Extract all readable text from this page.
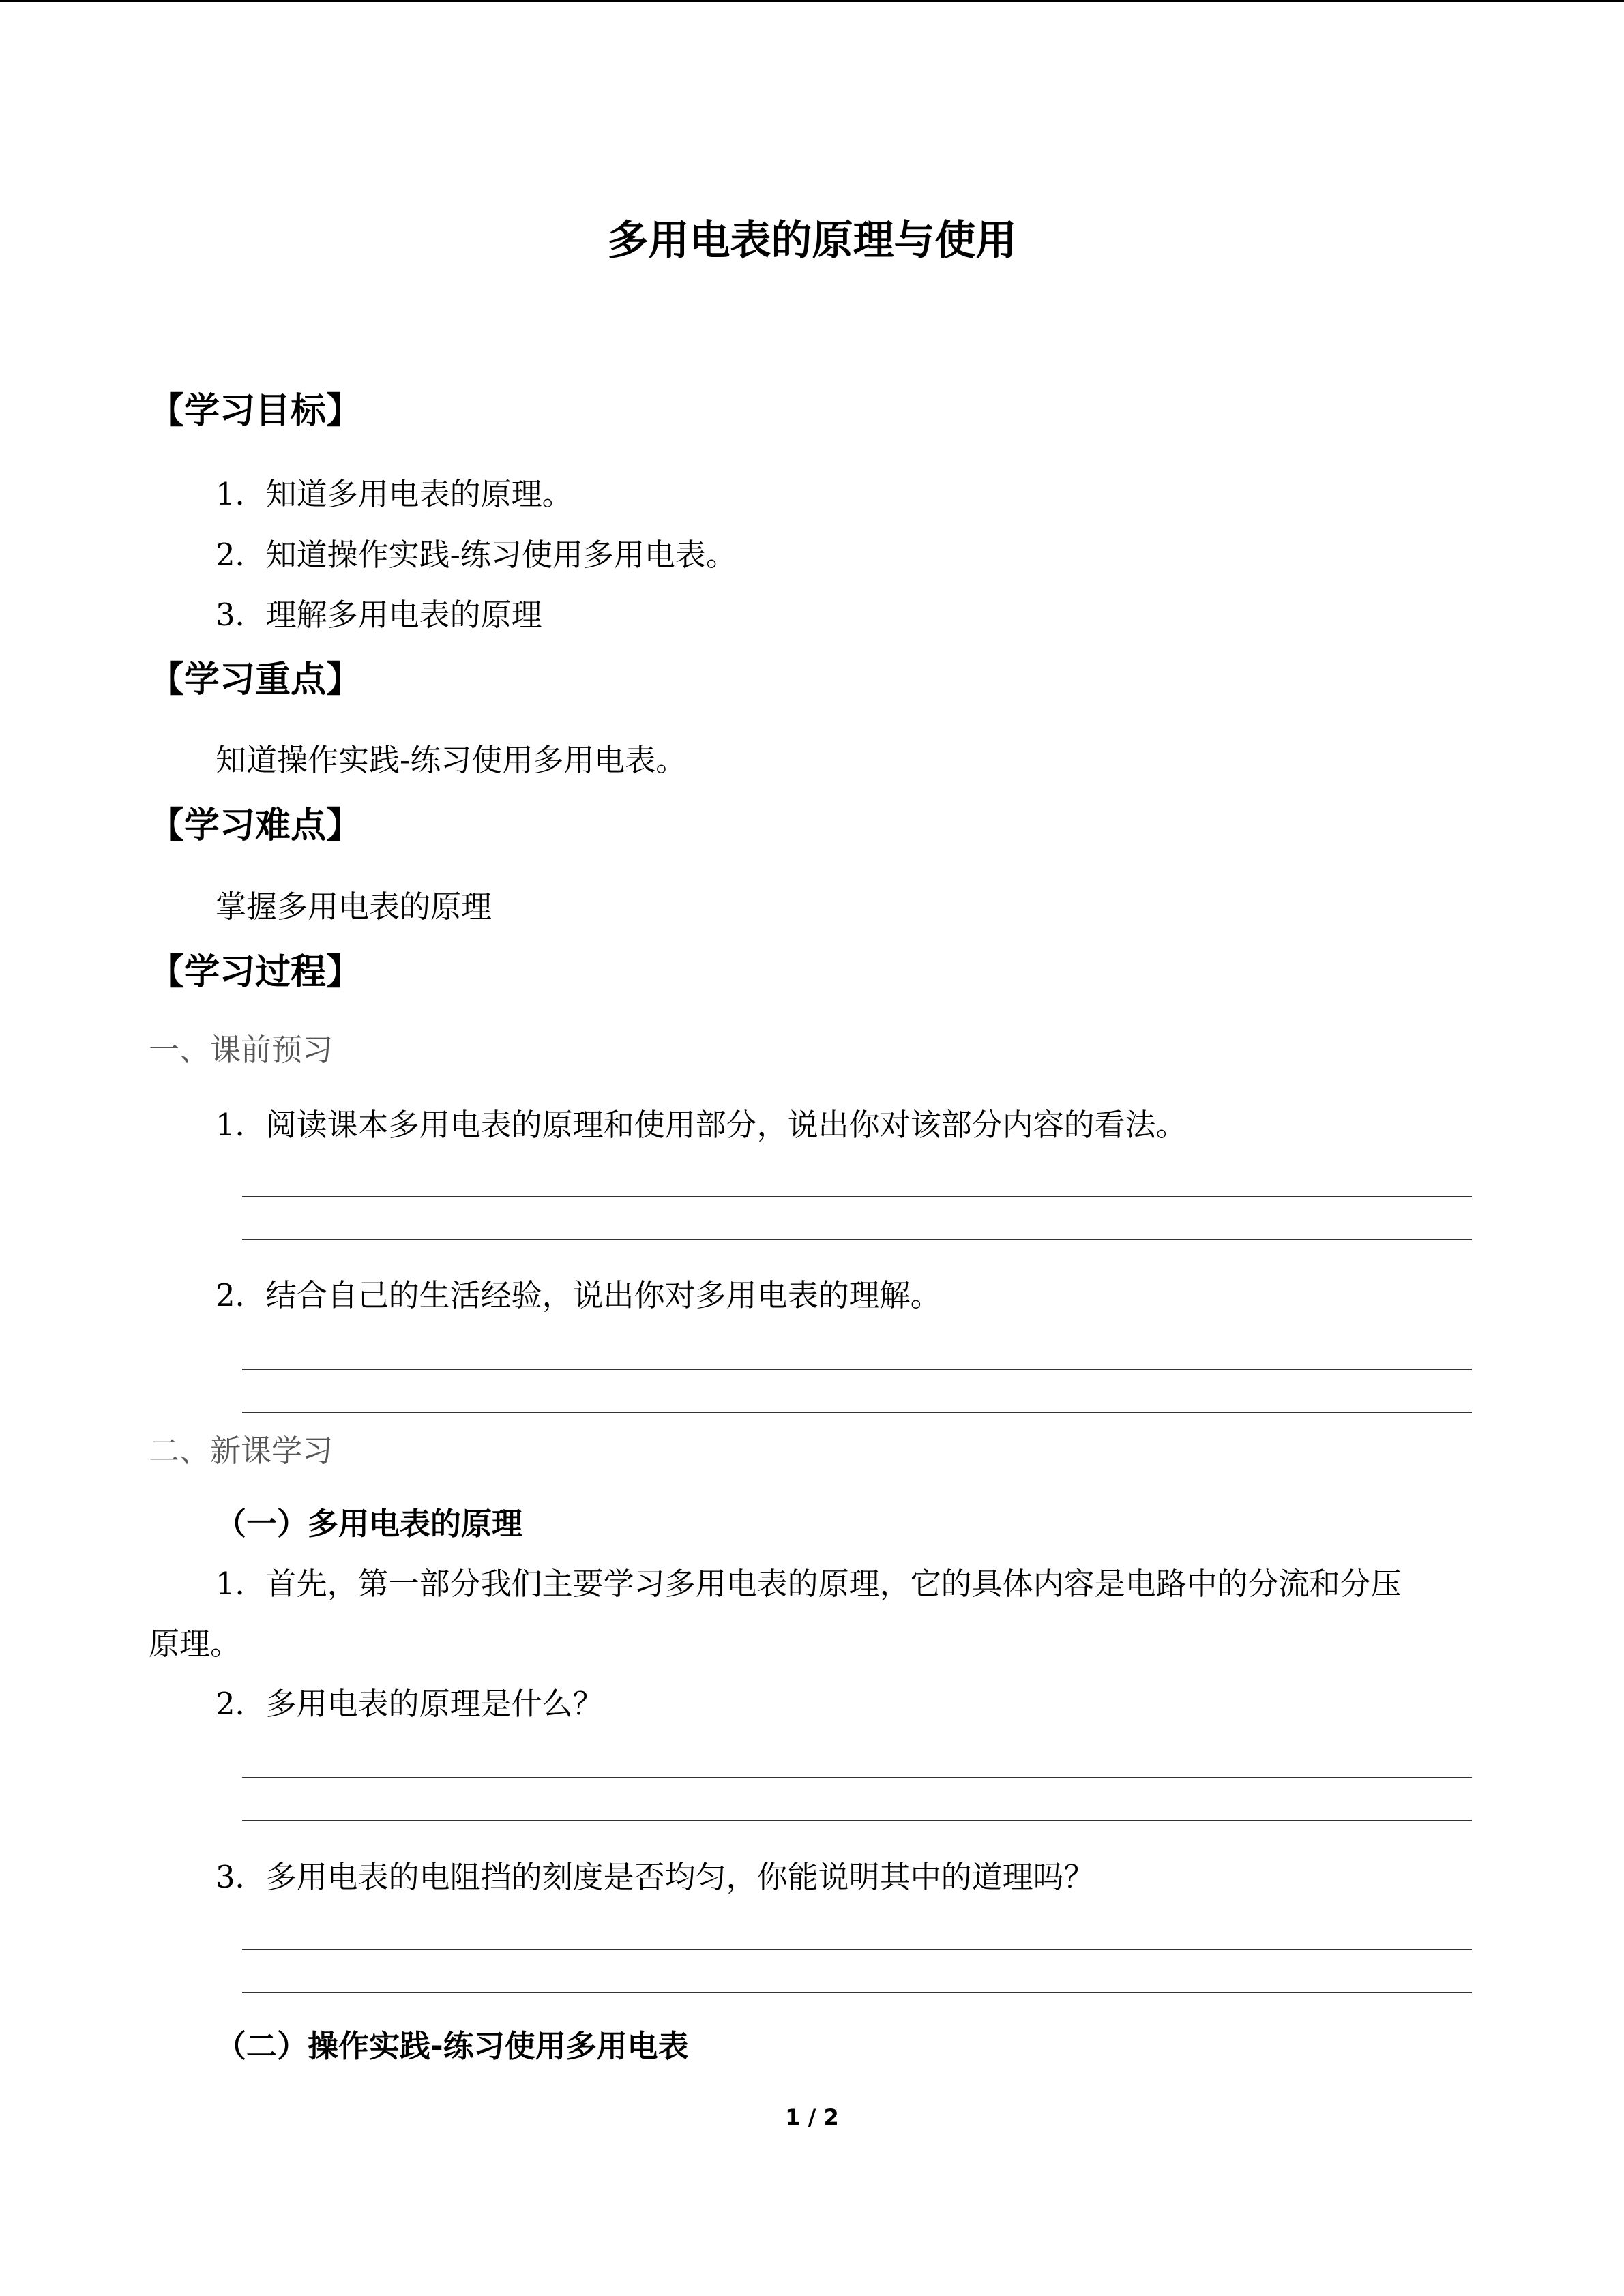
多用电表的原理与使用
【学习目标】
1．知道多用电表的原理。
2．知道操作实践-练习使用多用电表。
3．理解多用电表的原理
【学习重点】
知道操作实践-练习使用多用电表。
【学习难点】
掌握多用电表的原理
【学习过程】
一、课前预习
1．阅读课本多用电表的原理和使用部分，说出你对该部分内容的看法。
2．结合自己的生活经验，说出你对多用电表的理解。
二、新课学习
（一）多用电表的原理
1．首先，第一部分我们主要学习多用电表的原理，它的具体内容是电路中的分流和分压
原理。
2．多用电表的原理是什么？
3．多用电表的电阻挡的刻度是否均匀，你能说明其中的道理吗？
（二）操作实践-练习使用多用电表
1 / 2
